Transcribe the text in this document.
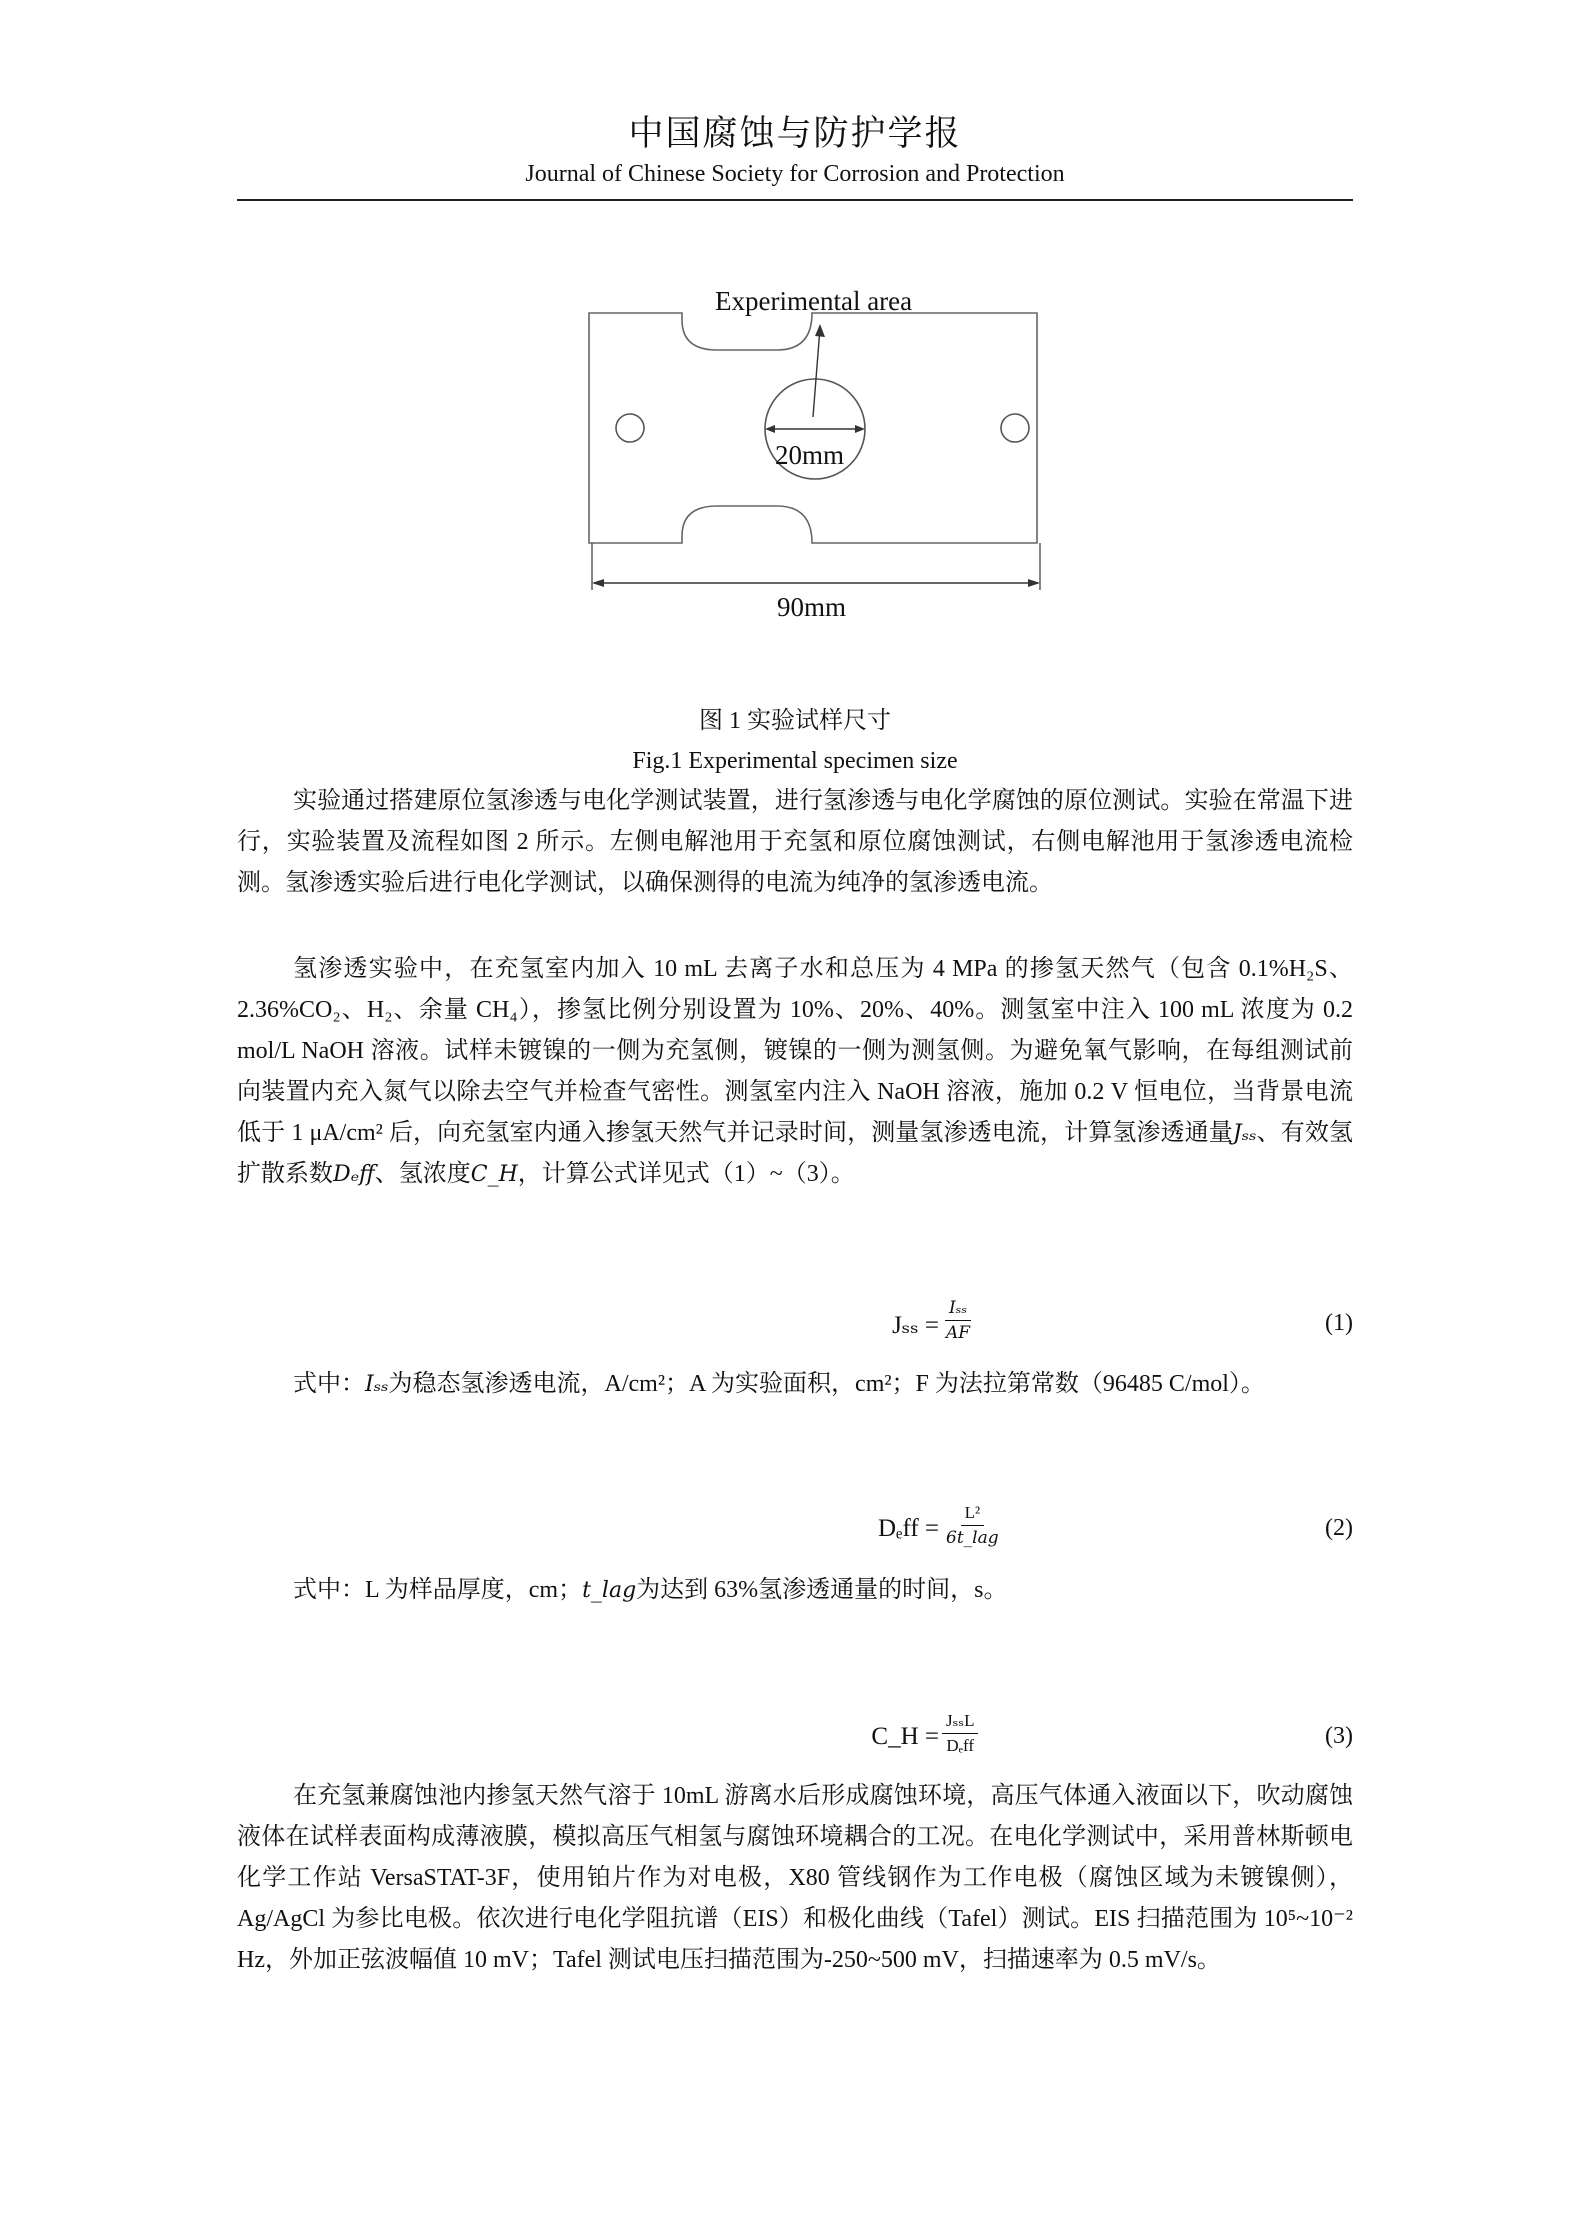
中国腐蚀与防护学报
Journal of Chinese Society for Corrosion and Protection
Experimental area
20mm
90mm
图 1 实验试样尺寸
Fig.1 Experimental specimen size
实验通过搭建原位氢渗透与电化学测试装置，进行氢渗透与电化学腐蚀的原位测试。实验在常温下进行，实验装置及流程如图 2 所示。左侧电解池用于充氢和原位腐蚀测试，右侧电解池用于氢渗透电流检测。氢渗透实验后进行电化学测试，以确保测得的电流为纯净的氢渗透电流。
氢渗透实验中，在充氢室内加入 10 mL 去离子水和总压为 4 MPa 的掺氢天然气（包含 0.1%H₂S、2.36%CO₂、H₂、余量 CH₄），掺氢比例分别设置为 10%、20%、40%。测氢室中注入 100 mL 浓度为 0.2 mol/L NaOH 溶液。试样未镀镍的一侧为充氢侧，镀镍的一侧为测氢侧。为避免氧气影响，在每组测试前向装置内充入氮气以除去空气并检查气密性。测氢室内注入 NaOH 溶液，施加 0.2 V 恒电位，当背景电流低于 1 μA/cm² 后，向充氢室内通入掺氢天然气并记录时间，测量氢渗透电流，计算氢渗透通量Jₛₛ、有效氢扩散系数Dₑff、氢浓度C_H，计算公式详见式（1）~（3）。
Jₛₛ =
Iₛₛ
AF	(1)
式中：Iₛₛ为稳态氢渗透电流，A/cm²；A 为实验面积，cm²；F 为法拉第常数（96485 C/mol）。
Dₑff =
L²
6t_lag	(2)
式中：L 为样品厚度，cm；t_lag为达到 63%氢渗透通量的时间，s。
C_H =
JₛₛL
Dₑff	(3)
在充氢兼腐蚀池内掺氢天然气溶于 10mL 游离水后形成腐蚀环境，高压气体通入液面以下，吹动腐蚀液体在试样表面构成薄液膜，模拟高压气相氢与腐蚀环境耦合的工况。在电化学测试中，采用普林斯顿电化学工作站 VersaSTAT-3F，使用铂片作为对电极，X80 管线钢作为工作电极（腐蚀区域为未镀镍侧），Ag/AgCl 为参比电极。依次进行电化学阻抗谱（EIS）和极化曲线（Tafel）测试。EIS 扫描范围为 10⁵~10⁻² Hz，外加正弦波幅值 10 mV；Tafel 测试电压扫描范围为-250~500 mV，扫描速率为 0.5 mV/s。
